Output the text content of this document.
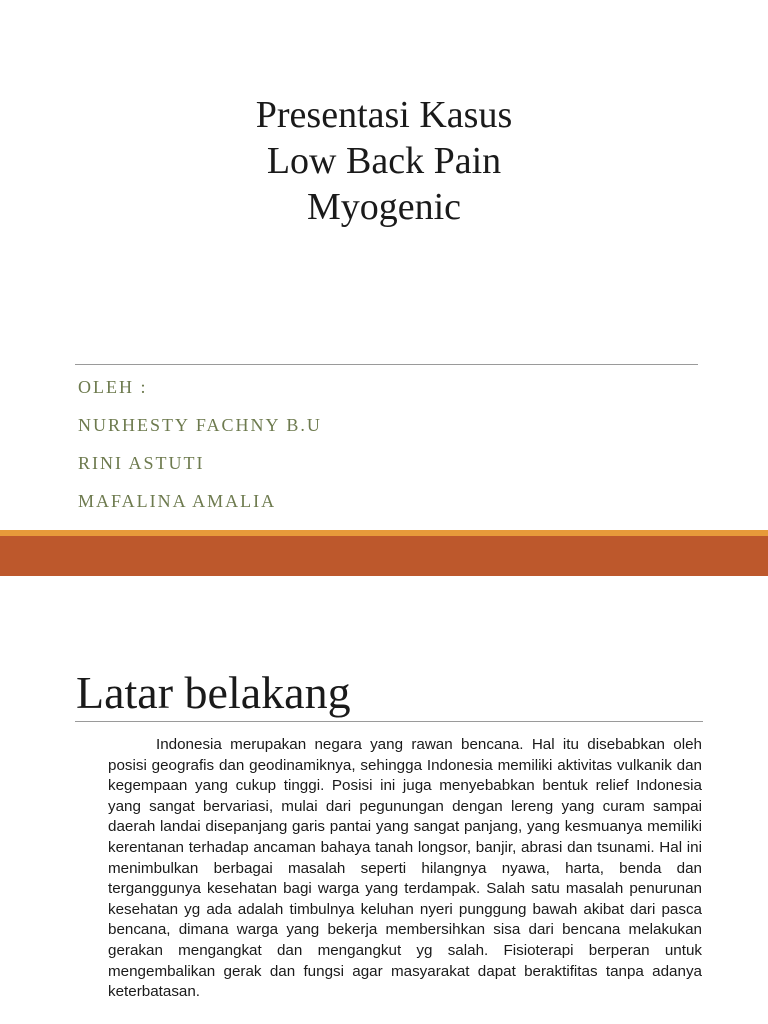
Presentasi Kasus
Low Back Pain
Myogenic
OLEH :
NURHESTY FACHNY B.U
RINI ASTUTI
MAFALINA AMALIA
Latar belakang

Indonesia merupakan negara yang rawan bencana. Hal itu disebabkan oleh posisi geografis dan geodinamiknya, sehingga Indonesia memiliki aktivitas vulkanik dan kegempaan yang cukup tinggi. Posisi ini juga menyebabkan bentuk relief Indonesia yang sangat bervariasi, mulai dari pegunungan dengan lereng yang curam sampai daerah landai disepanjang garis pantai yang sangat panjang, yang kesmuanya memiliki kerentanan terhadap ancaman bahaya tanah longsor, banjir, abrasi dan tsunami. Hal ini menimbulkan berbagai masalah seperti hilangnya nyawa, harta, benda dan terganggunya kesehatan bagi warga yang terdampak. Salah satu masalah penurunan kesehatan yg ada adalah timbulnya keluhan nyeri punggung bawah akibat dari pasca bencana, dimana warga yang bekerja membersihkan sisa dari bencana melakukan gerakan mengangkat dan mengangkut yg salah. Fisioterapi berperan untuk mengembalikan gerak dan fungsi agar masyarakat dapat beraktifitas tanpa adanya keterbatasan.
